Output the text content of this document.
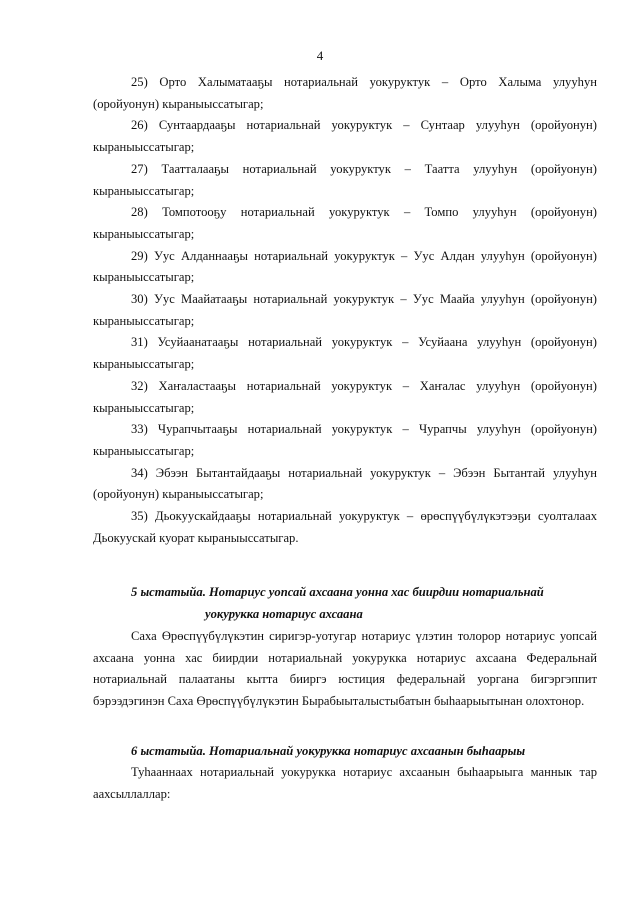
4

25) Орто Халыматааҕы нотариальнай уокуруктук – Орто Халыма улууһун (оройуонун) кыраныыссатыгар;

26) Сунтаардааҕы нотариальнай уокуруктук – Сунтаар улууһун (оройуонун) кыраныыссатыгар;

27) Таатталааҕы нотариальнай уокуруктук – Таатта улууһун (оройуонун) кыраныыссатыгар;

28) Томпотооҕу нотариальнай уокуруктук – Томпо улууһун (оройуонун) кыраныыссатыгар;

29) Уус Алданнааҕы нотариальнай уокуруктук – Уус Алдан улууһун (оройуонун) кыраныыссатыгар;

30) Уус Маайатааҕы нотариальнай уокуруктук – Уус Маайа улууһун (оройуонун) кыраныыссатыгар;

31) Усуйаанатааҕы нотариальнай уокуруктук – Усуйаана улууһун (оройуонун) кыраныыссатыгар;

32) Хаҥаластааҕы нотариальнай уокуруктук – Хаҥалас улууһун (оройуонун) кыраныыссатыгар;

33) Чурапчытааҕы нотариальнай уокуруктук – Чурапчы улууһун (оройуонун) кыраныыссатыгар;

34) Эбээн Бытантайдааҕы нотариальнай уокуруктук – Эбээн Бытантай улууһун (оройуонун) кыраныыссатыгар;

35) Дьокуускайдааҕы нотариальнай уокуруктук – өрөспүүбүлүкэтээҕи суолталаах Дьокуускай куорат кыраныыссатыгар.

5 ыстатыйа. Нотариус уопсай ахсаана уонна хас биирдии нотариальнай

уокурукка нотариус ахсаана

Саха Өрөспүүбүлүкэтин сиригэр-уотугар нотариус үлэтин толорор нотариус уопсай ахсаана уонна хас биирдии нотариальнай уокурукка нотариус ахсаана Федеральнай нотариальнай палаатаны кытта бииргэ юстиция федеральнай уоргана бигэргэппит бэрээдэгинэн Саха Өрөспүүбүлүкэтин Бырабыыталыстыбатын быһаарыытынан олохтонор.

6 ыстатыйа. Нотариальнай уокурукка нотариус ахсаанын быһаарыы

Туһааннаах нотариальнай уокурукка нотариус ахсаанын быһаарыыга маннык тар аахсыллаллар:
